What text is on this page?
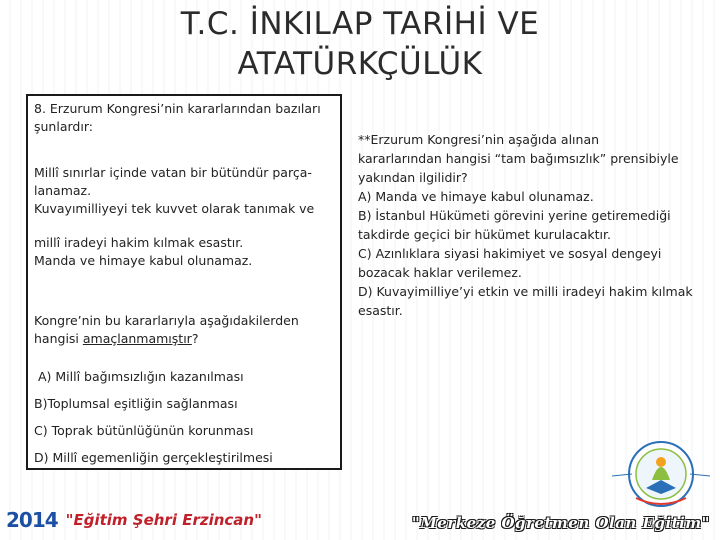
T.C. İNKILAP TARİHİ VE
ATATÜRKÇÜLÜK

8. Erzurum Kongresi’nin kararlarından bazıları şunlardır:

Millî sınırlar içinde vatan bir bütündür parça-

lanamaz.

Kuvayımilliyeyi tek kuvvet olarak tanımak ve

millî iradeyi hakim kılmak esastır.

Manda ve himaye kabul olunamaz.

Kongre’nin bu kararlarıyla aşağıdakilerden

hangisi amaçlanmamıştır?

A) Millî bağımsızlığın kazanılması

B)Toplumsal eşitliğin sağlanması

C) Toprak bütünlüğünün korunması

D) Millî egemenliğin gerçekleştirilmesi

**Erzurum Kongresi’nin aşağıda alınan

kararlarından hangisi “tam bağımsızlık” prensibiyle

yakından ilgilidir?

A) Manda ve himaye kabul olunamaz.

B) İstanbul Hükümeti görevini yerine getiremediği

takdirde geçici bir hükümet kurulacaktır.

C) Azınlıklara siyasi hakimiyet ve sosyal dengeyi

bozacak haklar verilemez.

D) Kuvayimilliye’yi etkin ve milli iradeyi hakim kılmak

esastır.

2014 "Eğitim Şehri Erzincan"	"Merkeze Öğretmen Olan Eğitim"
